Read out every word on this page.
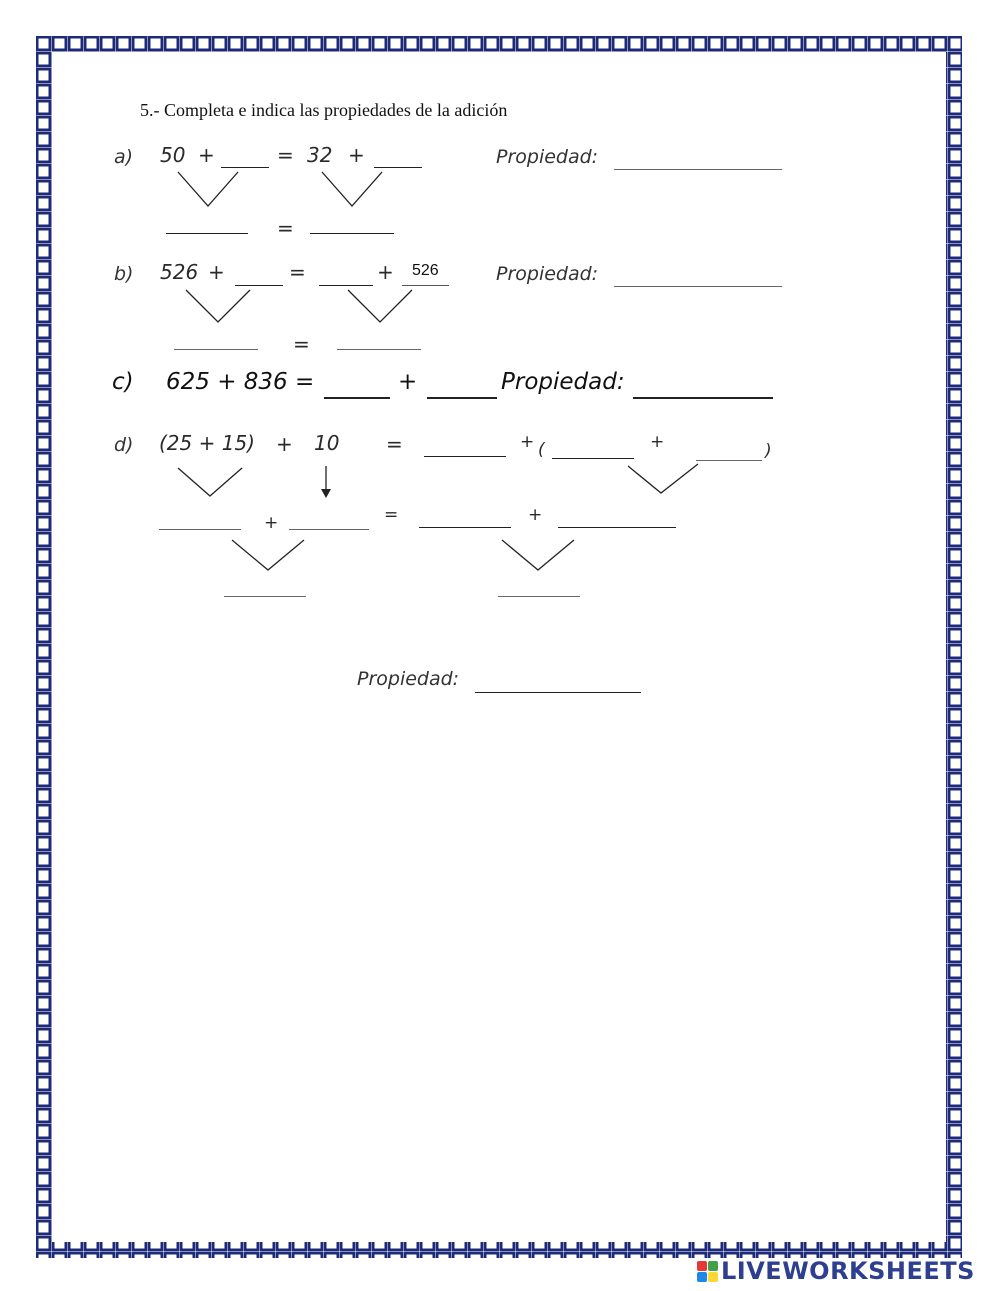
5.- Completa e indica las propiedades de la adición
a) 50 +	= 32 +	Propiedad:
=
b) 526 +	=	+ 526	Propiedad:
=
c) 625 + 836 =	+	Propiedad:
d) (25 + 15) + 10 =	+ (	+	)
+	=	+
Propiedad:
LIVEWORKSHEETS
